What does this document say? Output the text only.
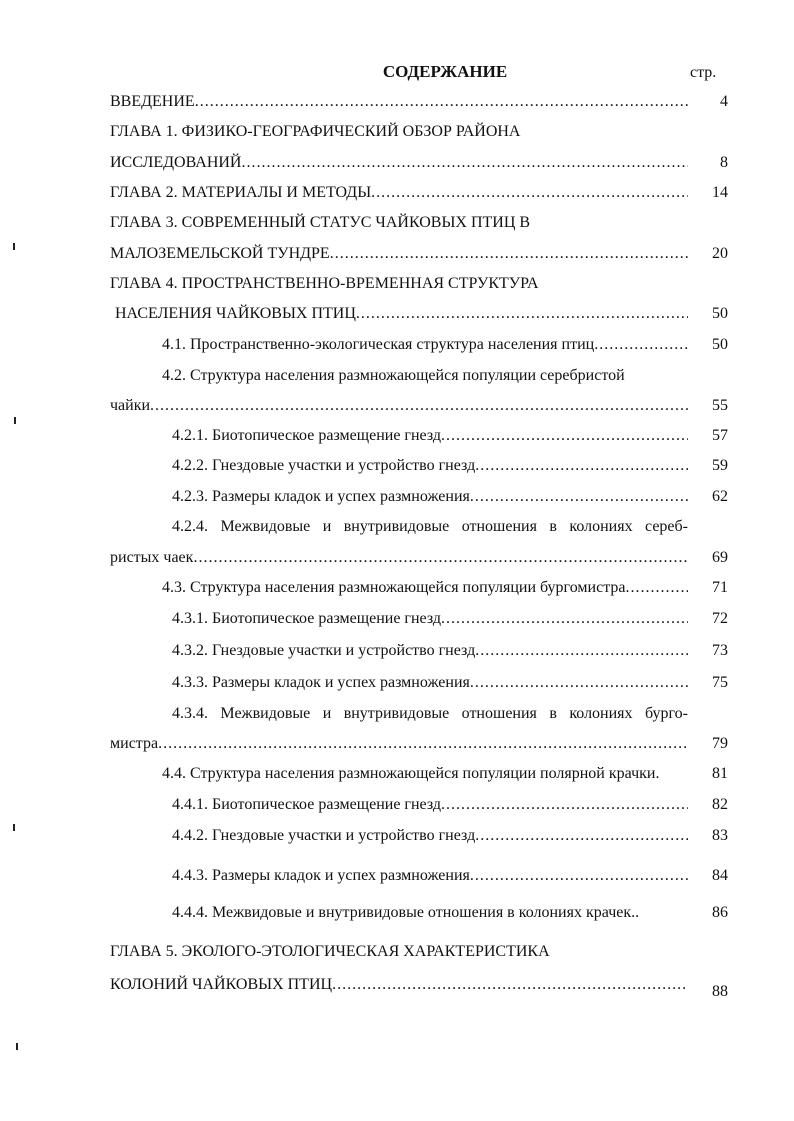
СОДЕРЖАНИЕ	стр.
ВВЕДЕНИЕ .....	4
ГЛАВА 1. ФИЗИКО-ГЕОГРАФИЧЕСКИЙ ОБЗОР РАЙОНА
ИССЛЕДОВАНИЙ .....	8
ГЛАВА 2. МАТЕРИАЛЫ И МЕТОДЫ .....	14
ГЛАВА 3. СОВРЕМЕННЫЙ СТАТУС ЧАЙКОВЫХ ПТИЦ В
МАЛОЗЕМЕЛЬСКОЙ ТУНДРЕ .....	20
ГЛАВА 4. ПРОСТРАНСТВЕННО-ВРЕМЕННАЯ СТРУКТУРА
НАСЕЛЕНИЯ ЧАЙКОВЫХ ПТИЦ .....	50
4.1. Пространственно-экологическая структура населения птиц .....	50
4.2. Структура населения размножающейся популяции серебристой
чайки .....	55
4.2.1. Биотопическое размещение гнезд .....	57
4.2.2. Гнездовые участки и устройство гнезд .....	59
4.2.3. Размеры кладок и успех размножения .....	62
4.2.4. Межвидовые и внутривидовые отношения в колониях сереб-
ристых чаек .....	69
4.3. Структура населения размножающейся популяции бургомистра .....	71
4.3.1. Биотопическое размещение гнезд .....	72
4.3.2. Гнездовые участки и устройство гнезд .....	73
4.3.3. Размеры кладок и успех размножения .....	75
4.3.4. Межвидовые и внутривидовые отношения в колониях бурго-
мистра .....	79
4.4. Структура населения размножающейся популяции полярной крачки.	81
4.4.1. Биотопическое размещение гнезд .....	82
4.4.2. Гнездовые участки и устройство гнезд .....	83
4.4.3. Размеры кладок и успех размножения .....	84
4.4.4. Межвидовые и внутривидовые отношения в колониях крачек..	86
ГЛАВА 5. ЭКОЛОГО-ЭТОЛОГИЧЕСКАЯ ХАРАКТЕРИСТИКА
КОЛОНИЙ ЧАЙКОВЫХ ПТИЦ .....	88
